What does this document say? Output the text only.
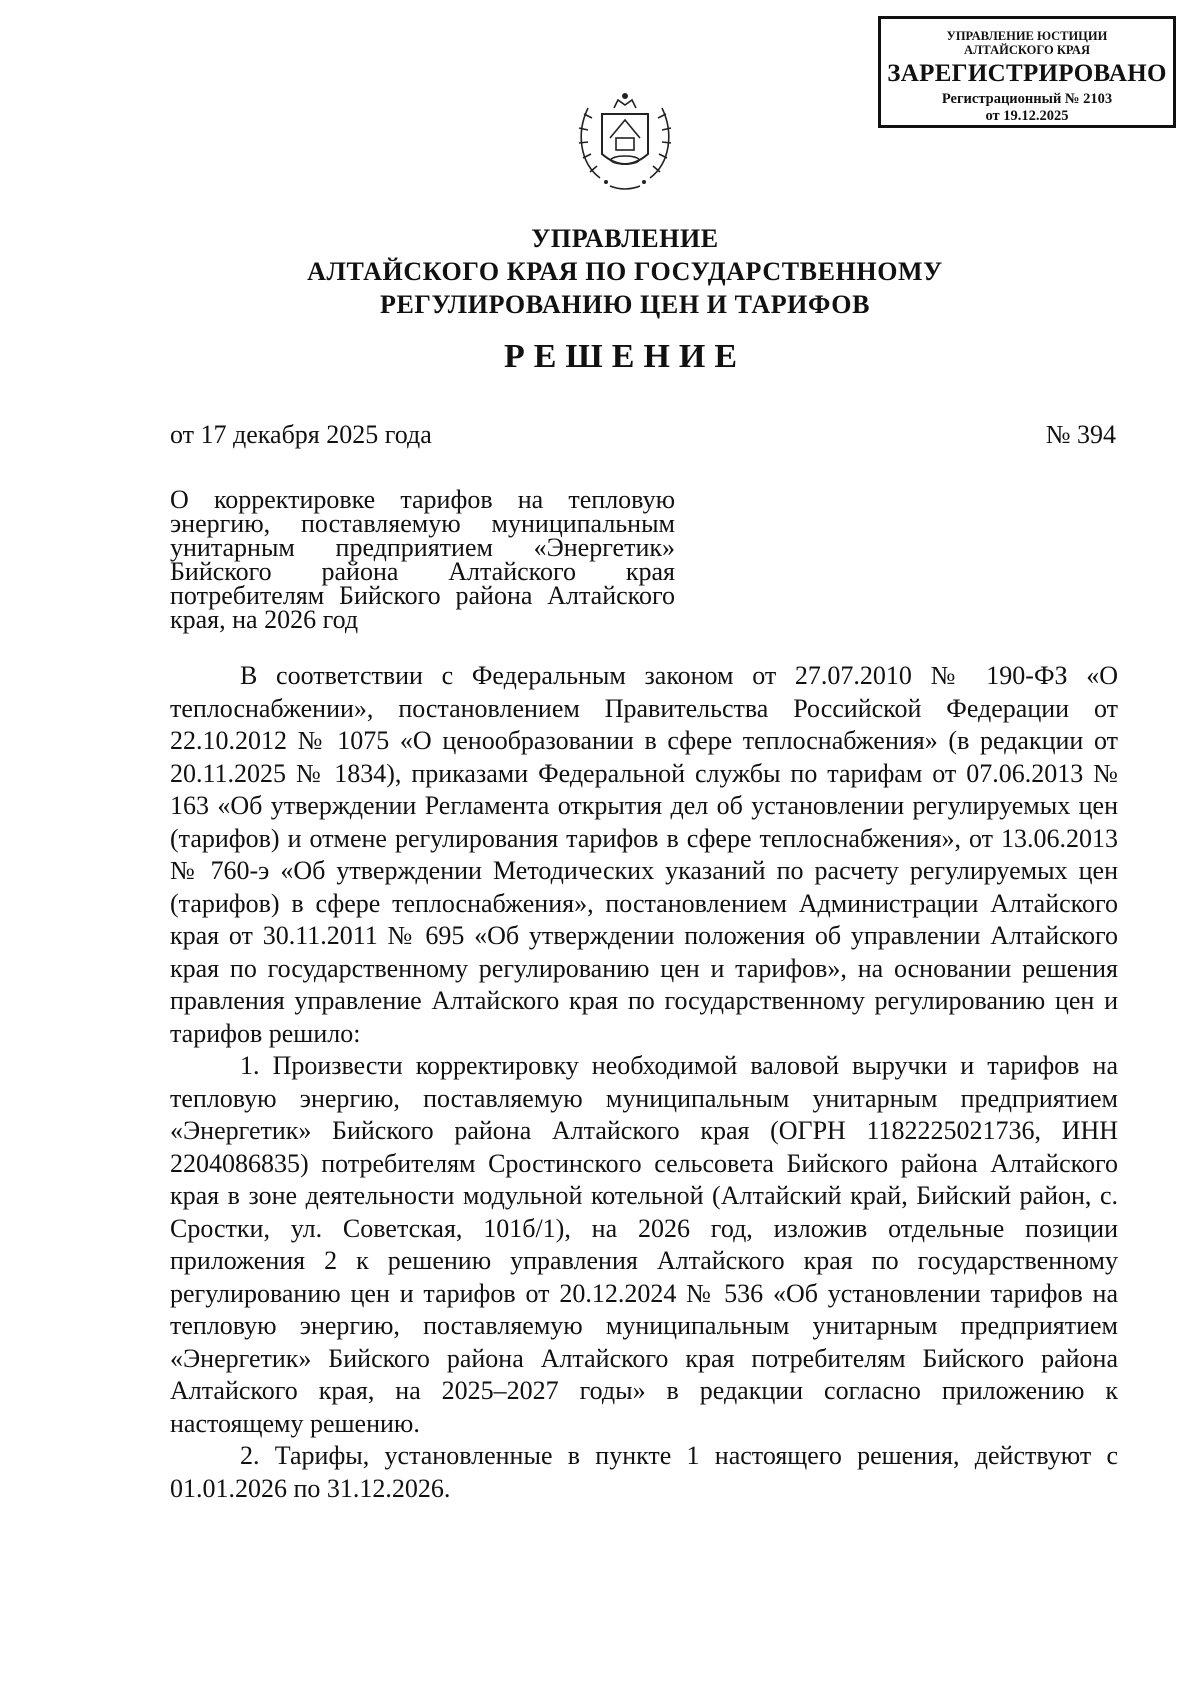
УПРАВЛЕНИЕ ЮСТИЦИИ
АЛТАЙСКОГО КРАЯ
ЗАРЕГИСТРИРОВАНО
Регистрационный № 2103
от 19.12.2025
УПРАВЛЕНИЕ
АЛТАЙСКОГО КРАЯ ПО ГОСУДАРСТВЕННОМУ
РЕГУЛИРОВАНИЮ ЦЕН И ТАРИФОВ
РЕШЕНИЕ
от 17 декабря 2025 года	№ 394
О корректировке тарифов на тепловую энергию, поставляемую муниципальным унитарным предприятием «Энергетик» Бийского района Алтайского края потребителям Бийского района Алтайского края, на 2026 год

В соответствии с Федеральным законом от 27.07.2010 № 190-ФЗ «О теплоснабжении», постановлением Правительства Российской Федерации от 22.10.2012 № 1075 «О ценообразовании в сфере теплоснабжения» (в редакции от 20.11.2025 № 1834), приказами Федеральной службы по тарифам от 07.06.2013 № 163 «Об утверждении Регламента открытия дел об установлении регулируемых цен (тарифов) и отмене регулирования тарифов в сфере теплоснабжения», от 13.06.2013 № 760-э «Об утверждении Методических указаний по расчету регулируемых цен (тарифов) в сфере теплоснабжения», постановлением Администрации Алтайского края от 30.11.2011 № 695 «Об утверждении положения об управлении Алтайского края по государственному регулированию цен и тарифов», на основании решения правления управление Алтайского края по государственному регулированию цен и тарифов решило:

1. Произвести корректировку необходимой валовой выручки и тарифов на тепловую энергию, поставляемую муниципальным унитарным предприятием «Энергетик» Бийского района Алтайского края (ОГРН 1182225021736, ИНН 2204086835) потребителям Сростинского сельсовета Бийского района Алтайского края в зоне деятельности модульной котельной (Алтайский край, Бийский район, с. Сростки, ул. Советская, 101б/1), на 2026 год, изложив отдельные позиции приложения 2 к решению управления Алтайского края по государственному регулированию цен и тарифов от 20.12.2024 № 536 «Об установлении тарифов на тепловую энергию, поставляемую муниципальным унитарным предприятием «Энергетик» Бийского района Алтайского края потребителям Бийского района Алтайского края, на 2025–2027 годы» в редакции согласно приложению к настоящему решению.

2. Тарифы, установленные в пункте 1 настоящего решения, действуют с 01.01.2026 по 31.12.2026.
